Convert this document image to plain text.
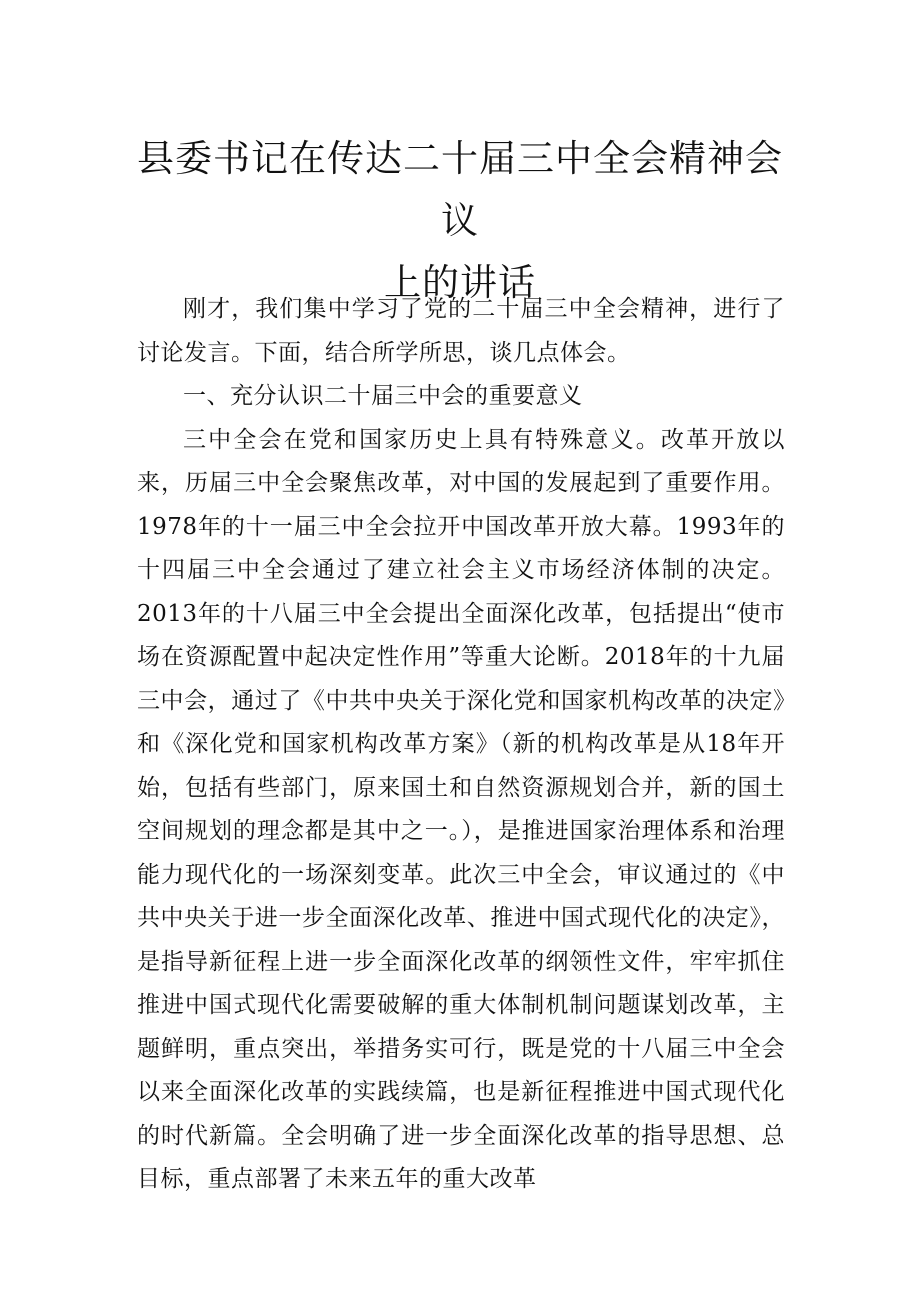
县委书记在传达二十届三中全会精神会议
上的讲话

刚才，我们集中学习了党的二十届三中全会精神，进行了讨论发言。下面，结合所学所思，谈几点体会。

一、充分认识二十届三中会的重要意义

三中全会在党和国家历史上具有特殊意义。改革开放以来，历届三中全会聚焦改革，对中国的发展起到了重要作用。1978年的十一届三中全会拉开中国改革开放大幕。1993年的十四届三中全会通过了建立社会主义市场经济体制的决定。2013年的十八届三中全会提出全面深化改革，包括提出“使市场在资源配置中起决定性作用”等重大论断。2018年的十九届三中会，通过了《中共中央关于深化党和国家机构改革的决定》和《深化党和国家机构改革方案》（新的机构改革是从18年开始，包括有些部门，原来国土和自然资源规划合并，新的国土空间规划的理念都是其中之一。），是推进国家治理体系和治理能力现代化的一场深刻变革。此次三中全会，审议通过的《中共中央关于进一步全面深化改革、推进中国式现代化的决定》，是指导新征程上进一步全面深化改革的纲领性文件，牢牢抓住推进中国式现代化需要破解的重大体制机制问题谋划改革，主题鲜明，重点突出，举措务实可行，既是党的十八届三中全会以来全面深化改革的实践续篇，也是新征程推进中国式现代化的时代新篇。全会明确了进一步全面深化改革的指导思想、总目标，重点部署了未来五年的重大改革
